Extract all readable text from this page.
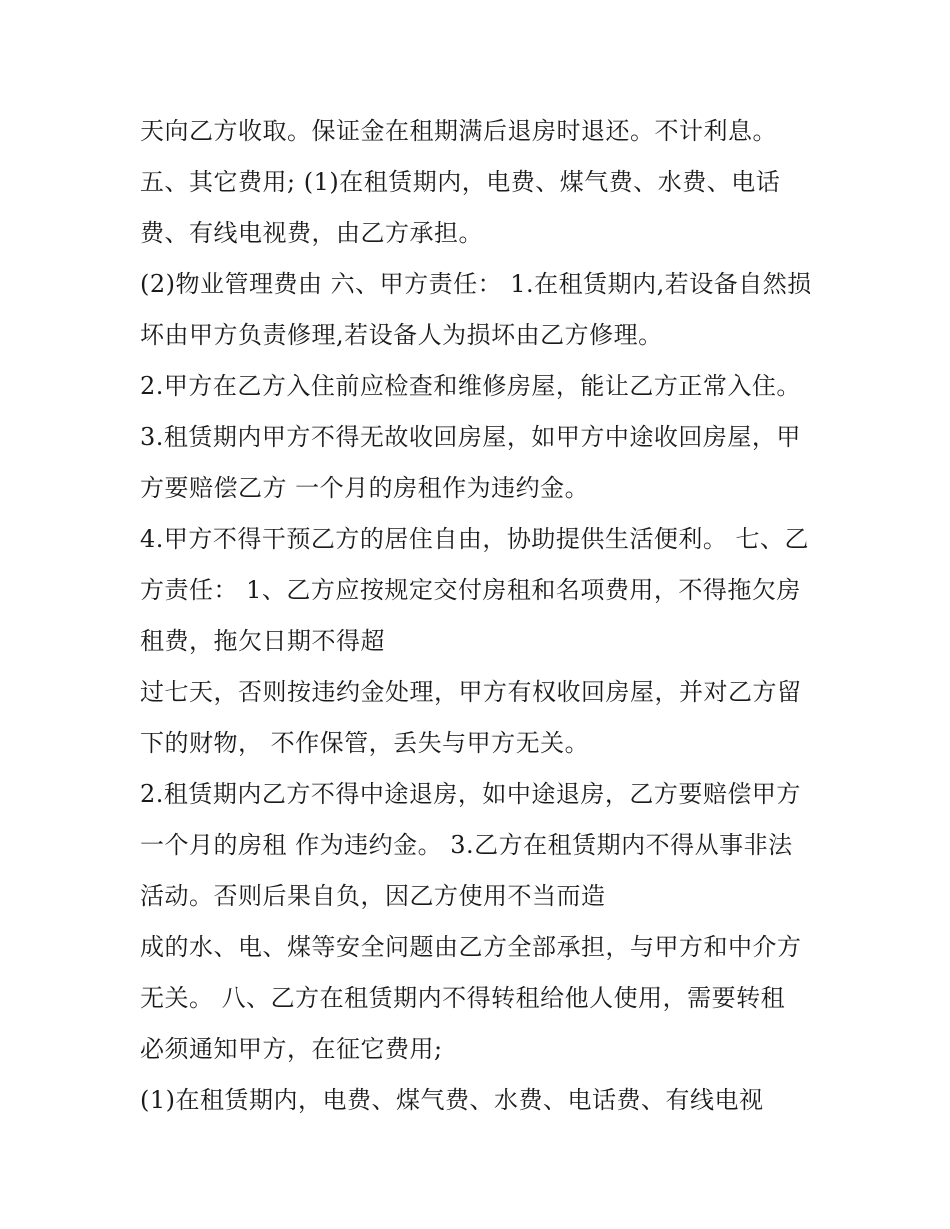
天向乙方收取。保证金在租期满后退房时退还。不计利息。
五、其它费用; (1)在租赁期内，电费、煤气费、水费、电话
费、有线电视费，由乙方承担。
(2)物业管理费由 六、甲方责任： 1.在租赁期内,若设备自然损
坏由甲方负责修理,若设备人为损坏由乙方修理。
2.甲方在乙方入住前应检查和维修房屋，能让乙方正常入住。
3.租赁期内甲方不得无故收回房屋，如甲方中途收回房屋，甲
方要赔偿乙方 一个月的房租作为违约金。
4.甲方不得干预乙方的居住自由，协助提供生活便利。 七、乙
方责任： 1、乙方应按规定交付房租和名项费用，不得拖欠房
租费，拖欠日期不得超
过七天，否则按违约金处理，甲方有权收回房屋，并对乙方留
下的财物， 不作保管，丢失与甲方无关。
2.租赁期内乙方不得中途退房，如中途退房，乙方要赔偿甲方
一个月的房租 作为违约金。 3.乙方在租赁期内不得从事非法
活动。否则后果自负，因乙方使用不当而造
成的水、电、煤等安全问题由乙方全部承担，与甲方和中介方
无关。 八、乙方在租赁期内不得转租给他人使用，需要转租
必须通知甲方，在征它费用;
(1)在租赁期内，电费、煤气费、水费、电话费、有线电视
